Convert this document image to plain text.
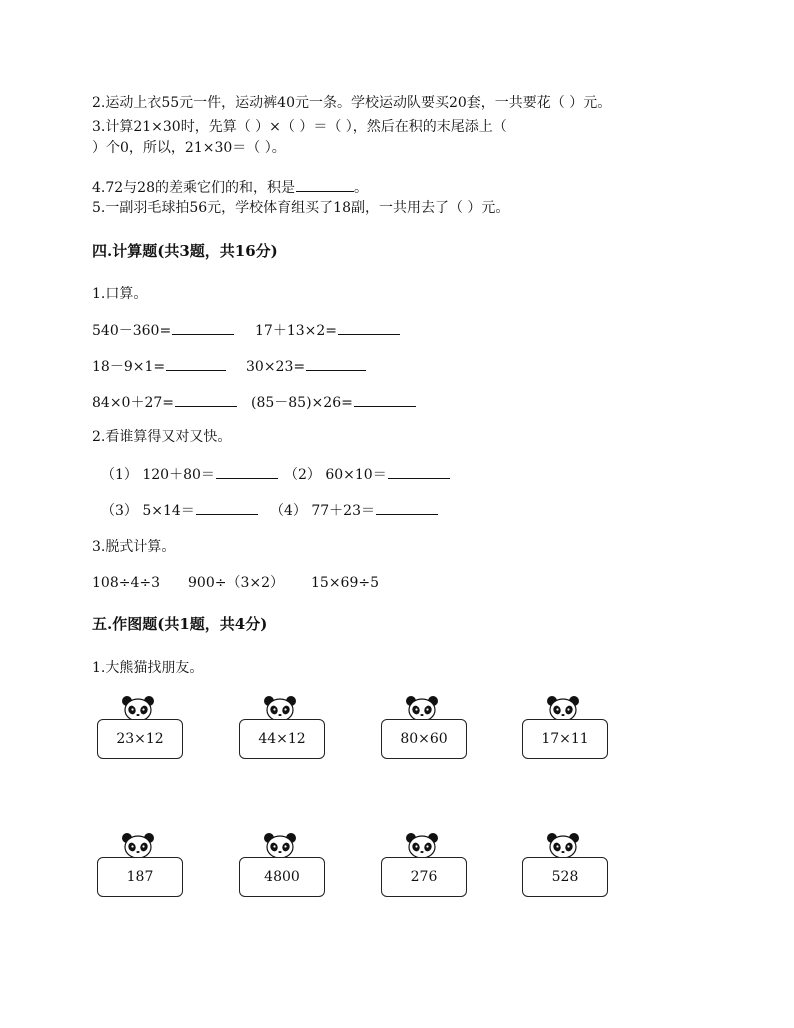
2.运动上衣55元一件，运动裤40元一条。学校运动队要买20套，一共要花（ ）元。
3.计算21×30时，先算（ ）×（ ）＝（ ），然后在积的末尾添上（
）个0，所以，21×30＝（ ）。
4.72与28的差乘它们的和，积是	。
5.一副羽毛球拍56元，学校体育组买了18副，一共用去了（ ）元。
四.计算题(共3题，共16分)
1.口算。
540－360=	17＋13×2=
18－9×1=	30×23=
84×0＋27=	(85－85)×26=
2.看谁算得又对又快。
（1） 120＋80＝	（2） 60×10＝
（3） 5×14＝	（4） 77＋23＝
3.脱式计算。
108÷4÷3 900÷（3×2） 15×69÷5
五.作图题(共1题，共4分)
1.大熊猫找朋友。
23×12	44×12	80×60	17×11
187	4800	276	528
